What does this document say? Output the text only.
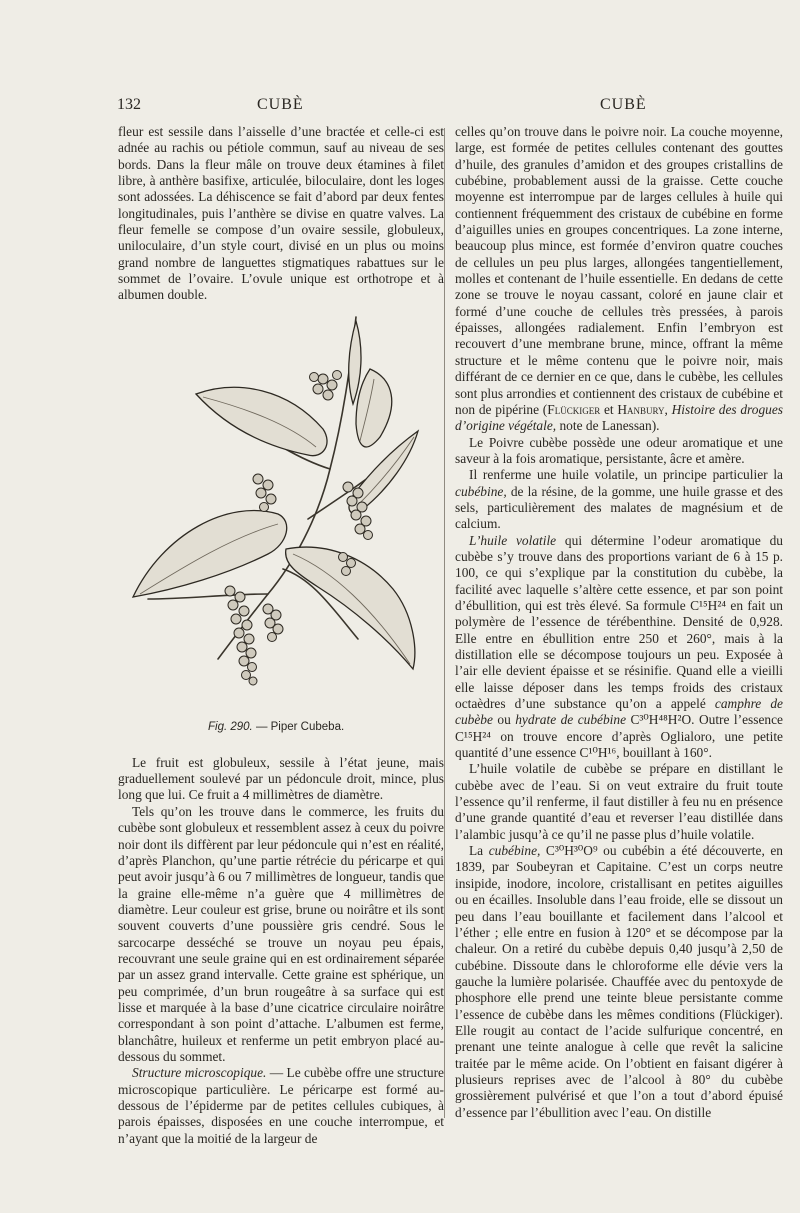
132	CUBÈ	CUBÈ

fleur est sessile dans l’aisselle d’une bractée et celle-ci est adnée au rachis ou pétiole commun, sauf au niveau de ses bords. Dans la fleur mâle on trouve deux étamines à filet libre, à anthère basifixe, articulée, biloculaire, dont les loges sont adossées. La déhiscence se fait d’abord par deux fentes longitudinales, puis l’anthère se divise en quatre valves. La fleur femelle se compose d’un ovaire sessile, globuleux, uniloculaire, d’un style court, divisé en un plus ou moins grand nombre de languettes stigmatiques rabattues sur le sommet de l’ovaire. L’ovule unique est orthotrope et à albumen double.

Fig. 290. — Piper Cubeba.

Le fruit est globuleux, sessile à l’état jeune, mais graduellement soulevé par un pédoncule droit, mince, plus long que lui. Ce fruit a 4 millimètres de diamètre.

Tels qu’on les trouve dans le commerce, les fruits du cubèbe sont globuleux et ressemblent assez à ceux du poivre noir dont ils diffèrent par leur pédoncule qui n’est en réalité, d’après Planchon, qu’une partie rétrécie du péricarpe et qui peut avoir jusqu’à 6 ou 7 millimètres de longueur, tandis que la graine elle-même n’a guère que 4 millimètres de diamètre. Leur couleur est grise, brune ou noirâtre et ils sont souvent couverts d’une poussière gris cendré. Sous le sarcocarpe desséché se trouve un noyau peu épais, recouvrant une seule graine qui en est ordinairement séparée par un assez grand intervalle. Cette graine est sphérique, un peu comprimée, d’un brun rougeâtre à sa surface qui est lisse et marquée à la base d’une cicatrice circulaire noirâtre correspondant à son point d’attache. L’albumen est ferme, blanchâtre, huileux et renferme un petit embryon placé au-dessous du sommet.

Structure microscopique. — Le cubèbe offre une structure microscopique particulière. Le péricarpe est formé au-dessous de l’épiderme par de petites cellules cubiques, à parois épaisses, disposées en une couche interrompue, et n’ayant que la moitié de la largeur de

celles qu’on trouve dans le poivre noir. La couche moyenne, large, est formée de petites cellules contenant des gouttes d’huile, des granules d’amidon et des groupes cristallins de cubébine, probablement aussi de la graisse. Cette couche moyenne est interrompue par de larges cellules à huile qui contiennent fréquemment des cristaux de cubébine en forme d’aiguilles unies en groupes concentriques. La zone interne, beaucoup plus mince, est formée d’environ quatre couches de cellules un peu plus larges, allongées tangentiellement, molles et contenant de l’huile essentielle. En dedans de cette zone se trouve le noyau cassant, coloré en jaune clair et formé d’une couche de cellules très pressées, à parois épaisses, allongées radialement. Enfin l’embryon est recouvert d’une membrane brune, mince, offrant la même structure et le même contenu que le poivre noir, mais différant de ce dernier en ce que, dans le cubèbe, les cellules sont plus arrondies et contiennent des cristaux de cubébine et non de pipérine (Flückiger et Hanbury, Histoire des drogues d’origine végétale, note de Lanessan).

Le Poivre cubèbe possède une odeur aromatique et une saveur à la fois aromatique, persistante, âcre et amère.

Il renferme une huile volatile, un principe particulier la cubébine, de la résine, de la gomme, une huile grasse et des sels, particulièrement des malates de magnésium et de calcium.

L’huile volatile qui détermine l’odeur aromatique du cubèbe s’y trouve dans des proportions variant de 6 à 15 p. 100, ce qui s’explique par la constitution du cubèbe, la facilité avec laquelle s’altère cette essence, et par son point d’ébullition, qui est très élevé. Sa formule C¹⁵H²⁴ en fait un polymère de l’essence de térébenthine. Densité de 0,928. Elle entre en ébullition entre 250 et 260°, mais à la distillation elle se décompose toujours un peu. Exposée à l’air elle devient épaisse et se résinifie. Quand elle a vieilli elle laisse déposer dans les temps froids des cristaux octaèdres d’une substance qu’on a appelé camphre de cubèbe ou hydrate de cubébine C³⁰H⁴⁸H²O. Outre l’essence C¹⁵H²⁴ on trouve encore d’après Oglialoro, une petite quantité d’une essence C¹⁰H¹⁶, bouillant à 160°.

L’huile volatile de cubèbe se prépare en distillant le cubèbe avec de l’eau. Si on veut extraire du fruit toute l’essence qu’il renferme, il faut distiller à feu nu en présence d’une grande quantité d’eau et reverser l’eau distillée dans l’alambic jusqu’à ce qu’il ne passe plus d’huile volatile.

La cubébine, C³⁰H³⁰O⁹ ou cubébin a été découverte, en 1839, par Soubeyran et Capitaine. C’est un corps neutre insipide, inodore, incolore, cristallisant en petites aiguilles ou en écailles. Insoluble dans l’eau froide, elle se dissout un peu dans l’eau bouillante et facilement dans l’alcool et l’éther ; elle entre en fusion à 120° et se décompose par la chaleur. On a retiré du cubèbe depuis 0,40 jusqu’à 2,50 de cubébine. Dissoute dans le chloroforme elle dévie vers la gauche la lumière polarisée. Chauffée avec du pentoxyde de phosphore elle prend une teinte bleue persistante comme l’essence de cubèbe dans les mêmes conditions (Flückiger). Elle rougit au contact de l’acide sulfurique concentré, en prenant une teinte analogue à celle que revêt la salicine traitée par le même acide. On l’obtient en faisant digérer à plusieurs reprises avec de l’alcool à 80° du cubèbe grossièrement pulvérisé et que l’on a tout d’abord épuisé d’essence par l’ébullition avec l’eau. On distille
